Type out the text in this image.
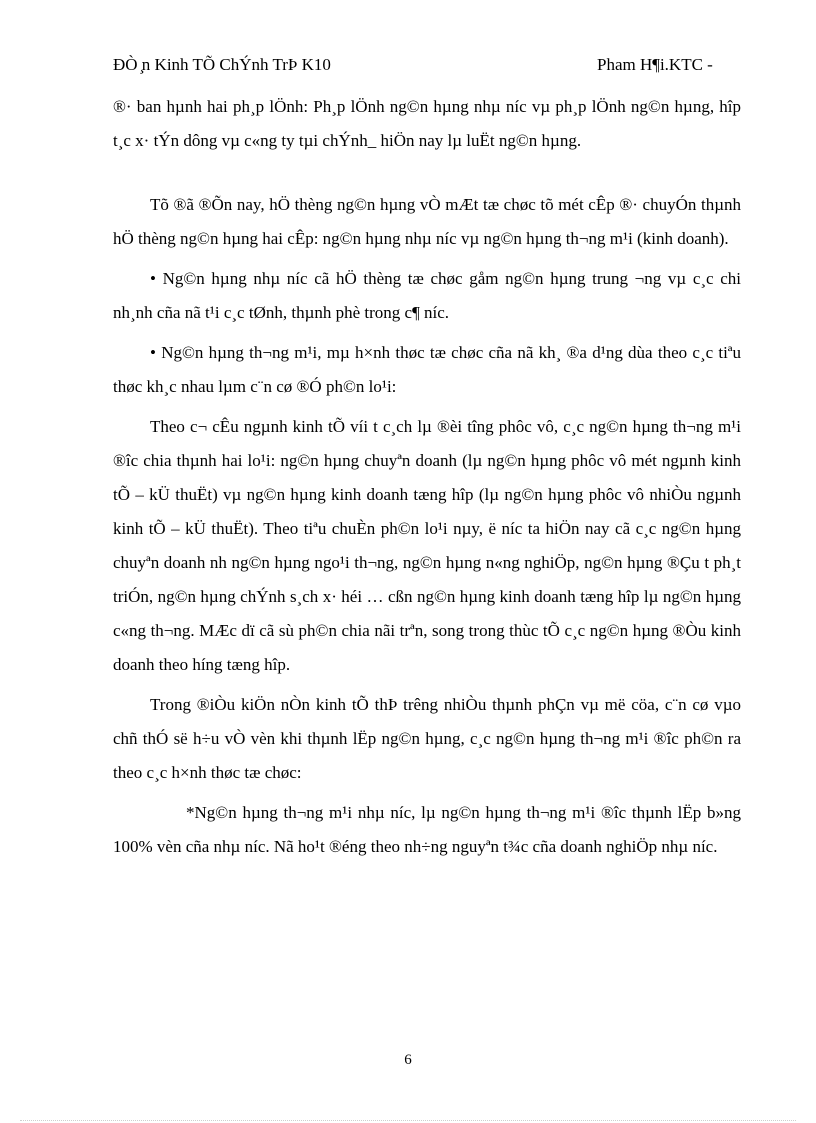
ĐÒ ̧n Kinh TÕ ChÝnh TrÞ K10	Pham H¶i.KTC -

®· ban hµnh hai ph¸p lÖnh: Ph¸p lÖnh ng©n hµng nhµ níc vµ ph¸p lÖnh ng©n hµng, hîp t¸c x· tÝn dông vµ c«ng ty tµi chÝnh_ hiÖn nay lµ luËt ng©n hµng.

Tõ ®ã ®Õn nay, hÖ thèng ng©n hµng vÒ mÆt tæ chøc tõ mét cÊp ®· chuyÓn thµnh hÖ thèng ng©n hµng hai cÊp: ng©n hµng nhµ níc vµ ng©n hµng th¬ng m¹i (kinh doanh).

• Ng©n hµng nhµ níc cã hÖ thèng tæ chøc gåm ng©n hµng trung ¬ng vµ c¸c chi nh¸nh cña nã t¹i c¸c tØnh, thµnh phè trong c¶ níc.

• Ng©n hµng th¬ng m¹i, mµ h×nh thøc tæ chøc cña nã kh¸ ®a d¹ng dùa theo c¸c tiªu thøc kh¸c nhau lµm c¨n cø ®Ó ph©n lo¹i:

Theo c¬ cÊu ngµnh kinh tÕ víi t c¸ch lµ ®èi tîng phôc vô, c¸c ng©n hµng th¬ng m¹i ®îc chia thµnh hai lo¹i: ng©n hµng chuyªn doanh (lµ ng©n hµng phôc vô mét ngµnh kinh tÕ – kÜ thuËt) vµ ng©n hµng kinh doanh tæng hîp (lµ ng©n hµng phôc vô nhiÒu ngµnh kinh tÕ – kÜ thuËt). Theo tiªu chuÈn ph©n lo¹i nµy, ë níc ta hiÖn nay cã c¸c ng©n hµng chuyªn doanh nh ng©n hµng ngo¹i th¬ng, ng©n hµng n«ng nghiÖp, ng©n hµng ®Çu t ph¸t triÓn, ng©n hµng chÝnh s¸ch x· héi … cßn ng©n hµng kinh doanh tæng hîp lµ ng©n hµng c«ng th¬ng. MÆc dï cã sù ph©n chia nãi trªn, song trong thùc tÕ c¸c ng©n hµng ®Òu kinh doanh theo híng tæng hîp.

Trong ®iÒu kiÖn nÒn kinh tÕ thÞ trêng nhiÒu thµnh phÇn vµ më cöa, c¨n cø vµo chñ thÓ së h÷u vÒ vèn khi thµnh lËp ng©n hµng, c¸c ng©n hµng th¬ng m¹i ®îc ph©n ra theo c¸c h×nh thøc tæ chøc:

*Ng©n hµng th¬ng m¹i nhµ níc, lµ ng©n hµng th¬ng m¹i ®îc thµnh lËp b»ng 100% vèn cña nhµ níc. Nã ho¹t ®éng theo nh÷ng nguyªn t¾c cña doanh nghiÖp nhµ níc.

6
